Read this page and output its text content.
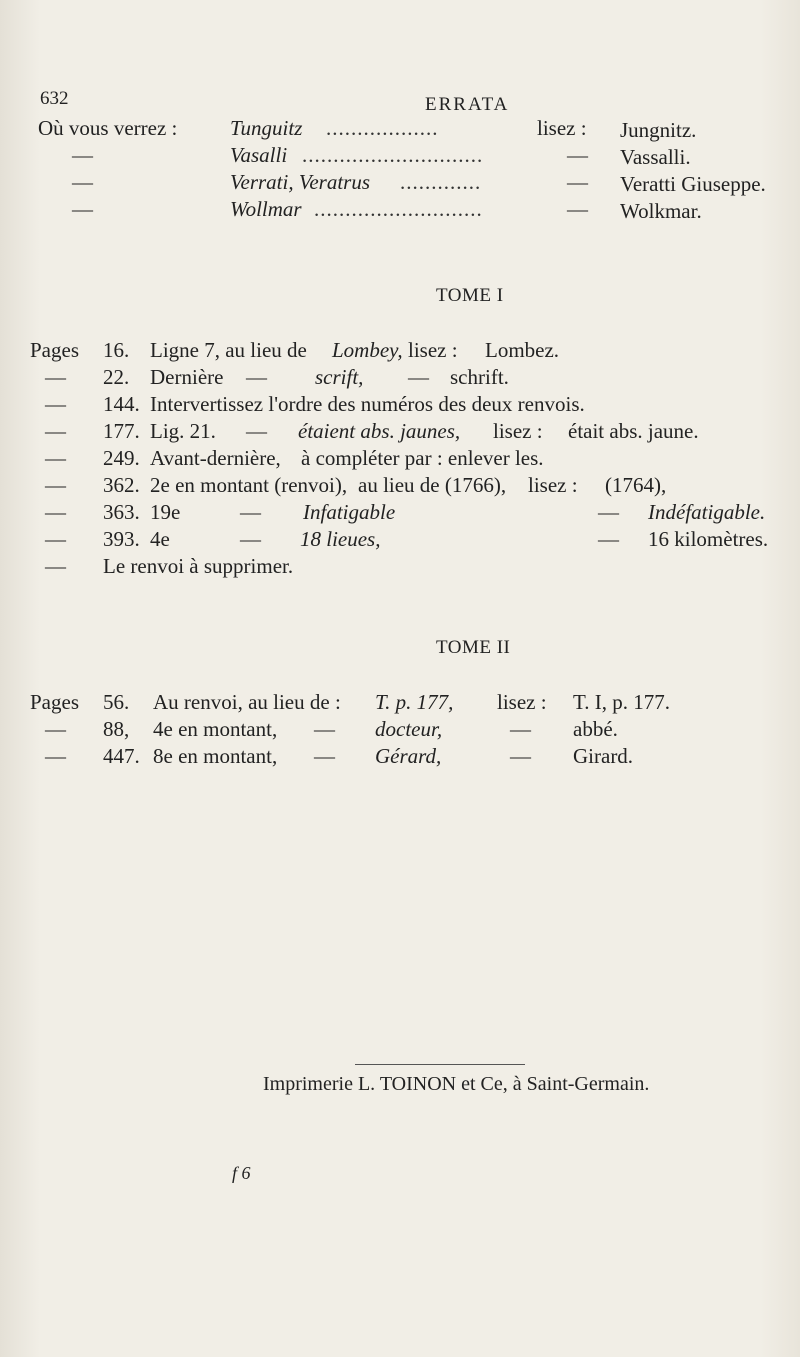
632	ERRATA
Où vous verrez :	Tunguitz ..................	lisez : Jungnitz.
—	Vasalli .............................	— Vassalli.
—	Verrati, Veratrus .............	— Veratti Giuseppe.
—	Wollmar ...........................	— Wolkmar.
TOME I
Pages 16. Ligne 7, au lieu de Lombey, lisez : Lombez.
— 22. Dernière — scrift, — schrift.
— 144. Intervertissez l'ordre des numéros des deux renvois.
— 177. Lig. 21. — étaient abs. jaunes, lisez : était abs. jaune.
— 249. Avant-dernière, à compléter par : enlever les.
— 362. 2e en montant (renvoi), au lieu de (1766), lisez : (1764),
— 363. 19e	— Infatigable	— Indéfatigable.
— 393. 4e	— 18 lieues,	— 16 kilomètres.
— Le renvoi à supprimer.
TOME II
Pages 56. Au renvoi, au lieu de : T. p. 177, lisez : T. I, p. 177.
— 88, 4e en montant, — docteur,	— abbé.
— 447. 8e en montant, — Gérard,	— Girard.
Imprimerie L. TOINON et Ce, à Saint-Germain.
f 6
